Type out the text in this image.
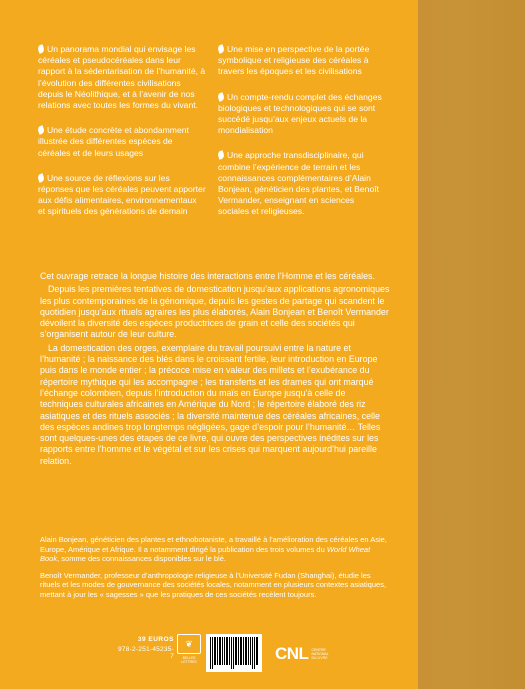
Un panorama mondial qui envisage les céréales et pseudocéréales dans leur rapport à la sédentarisation de l’humanité, à l’évolution des différentes civilisations depuis le Néolithique, et à l’avenir de nos relations avec toutes les formes du vivant.

Une étude concrète et abondamment illustrée des différentes espèces de céréales et de leurs usages

Une source de réflexions sur les réponses que les céréales peuvent apporter aux défis alimentaires, environnementaux et spirituels des générations de demain

Une mise en perspective de la portée symbolique et religieuse des céréales à travers les époques et les civilisations

Un compte-rendu complet des échanges biologiques et technologiques qui se sont succédé jusqu’aux enjeux actuels de la mondialisation

Une approche transdisciplinaire, qui combine l’expérience de terrain et les connaissances complémentaires d’Alain Bonjean, généticien des plantes, et Benoît Vermander, enseignant en sciences sociales et religieuses.

Cet ouvrage retrace la longue histoire des interactions entre l’Homme et les céréales.

Depuis les premières tentatives de domestication jusqu’aux applications agronomiques les plus contemporaines de la génomique, depuis les gestes de partage qui scandent le quotidien jusqu’aux rituels agraires les plus élaborés, Alain Bonjean et Benoît Vermander dévoilent la diversité des espèces productrices de grain et celle des sociétés qui s’organisent autour de leur culture.

La domestication des orges, exemplaire du travail poursuivi entre la nature et l’humanité ; la naissance des blés dans le croissant fertile, leur introduction en Europe puis dans le monde entier ; la précoce mise en valeur des millets et l’exubérance du répertoire mythique qui les accompagne ; les transferts et les drames qui ont marqué l’échange colombien, depuis l’introduction du maïs en Europe jusqu’à celle de techniques culturales africaines en Amérique du Nord ; le répertoire élaboré des riz asiatiques et des rituels associés ; la diversité maintenue des céréales africaines, celle des espèces andines trop longtemps négligées, gage d’espoir pour l’humanité… Telles sont quelques-unes des étapes de ce livre, qui ouvre des perspectives inédites sur les rapports entre l’homme et le végétal et sur les crises qui marquent aujourd’hui pareille relation.

Alain Bonjean, généticien des plantes et ethnobotaniste, a travaillé à l’amélioration des céréales en Asie, Europe, Amérique et Afrique. Il a notamment dirigé la publication des trois volumes du World Wheat Book, somme des connaissances disponibles sur le blé.

Benoît Vermander, professeur d’anthropologie religieuse à l’Université Fudan (Shanghai), étudie les rituels et les modes de gouvernance des sociétés locales, notamment en plusieurs contextes asiatiques, mettant à jour les « sagesses » que les pratiques de ces sociétés recèlent toujours.

39 EUROS
978-2-251-45235-7
❦
BELLES
LETTRES	CNL CENTRE
NATIONAL
DU LIVRE
